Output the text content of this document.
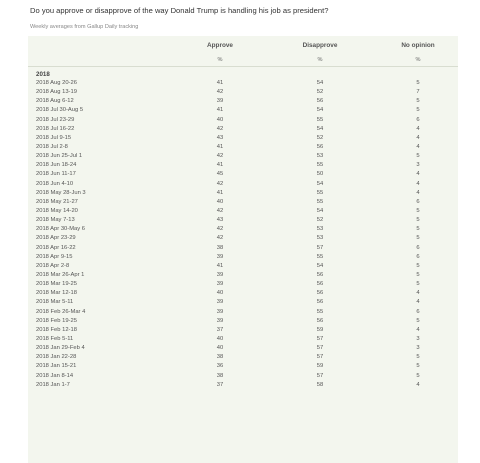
Do you approve or disapprove of the way Donald Trump is handling his job as president?
Weekly averages from Gallup Daily tracking
Approve	Disapprove	No opinion
%	%	%
2018
2018 Aug 20-26	41	54	5
2018 Aug 13-19	42	52	7
2018 Aug 6-12	39	56	5
2018 Jul 30-Aug 5	41	54	5
2018 Jul 23-29	40	55	6
2018 Jul 16-22	42	54	4
2018 Jul 9-15	43	52	4
2018 Jul 2-8	41	56	4
2018 Jun 25-Jul 1	42	53	5
2018 Jun 18-24	41	55	3
2018 Jun 11-17	45	50	4
2018 Jun 4-10	42	54	4
2018 May 28-Jun 3	41	55	4
2018 May 21-27	40	55	6
2018 May 14-20	42	54	5
2018 May 7-13	43	52	5
2018 Apr 30-May 6	42	53	5
2018 Apr 23-29	42	53	5
2018 Apr 16-22	38	57	6
2018 Apr 9-15	39	55	6
2018 Apr 2-8	41	54	5
2018 Mar 26-Apr 1	39	56	5
2018 Mar 19-25	39	56	5
2018 Mar 12-18	40	56	4
2018 Mar 5-11	39	56	4
2018 Feb 26-Mar 4	39	55	6
2018 Feb 19-25	39	56	5
2018 Feb 12-18	37	59	4
2018 Feb 5-11	40	57	3
2018 Jan 29-Feb 4	40	57	3
2018 Jan 22-28	38	57	5
2018 Jan 15-21	36	59	5
2018 Jan 8-14	38	57	5
2018 Jan 1-7	37	58	4
